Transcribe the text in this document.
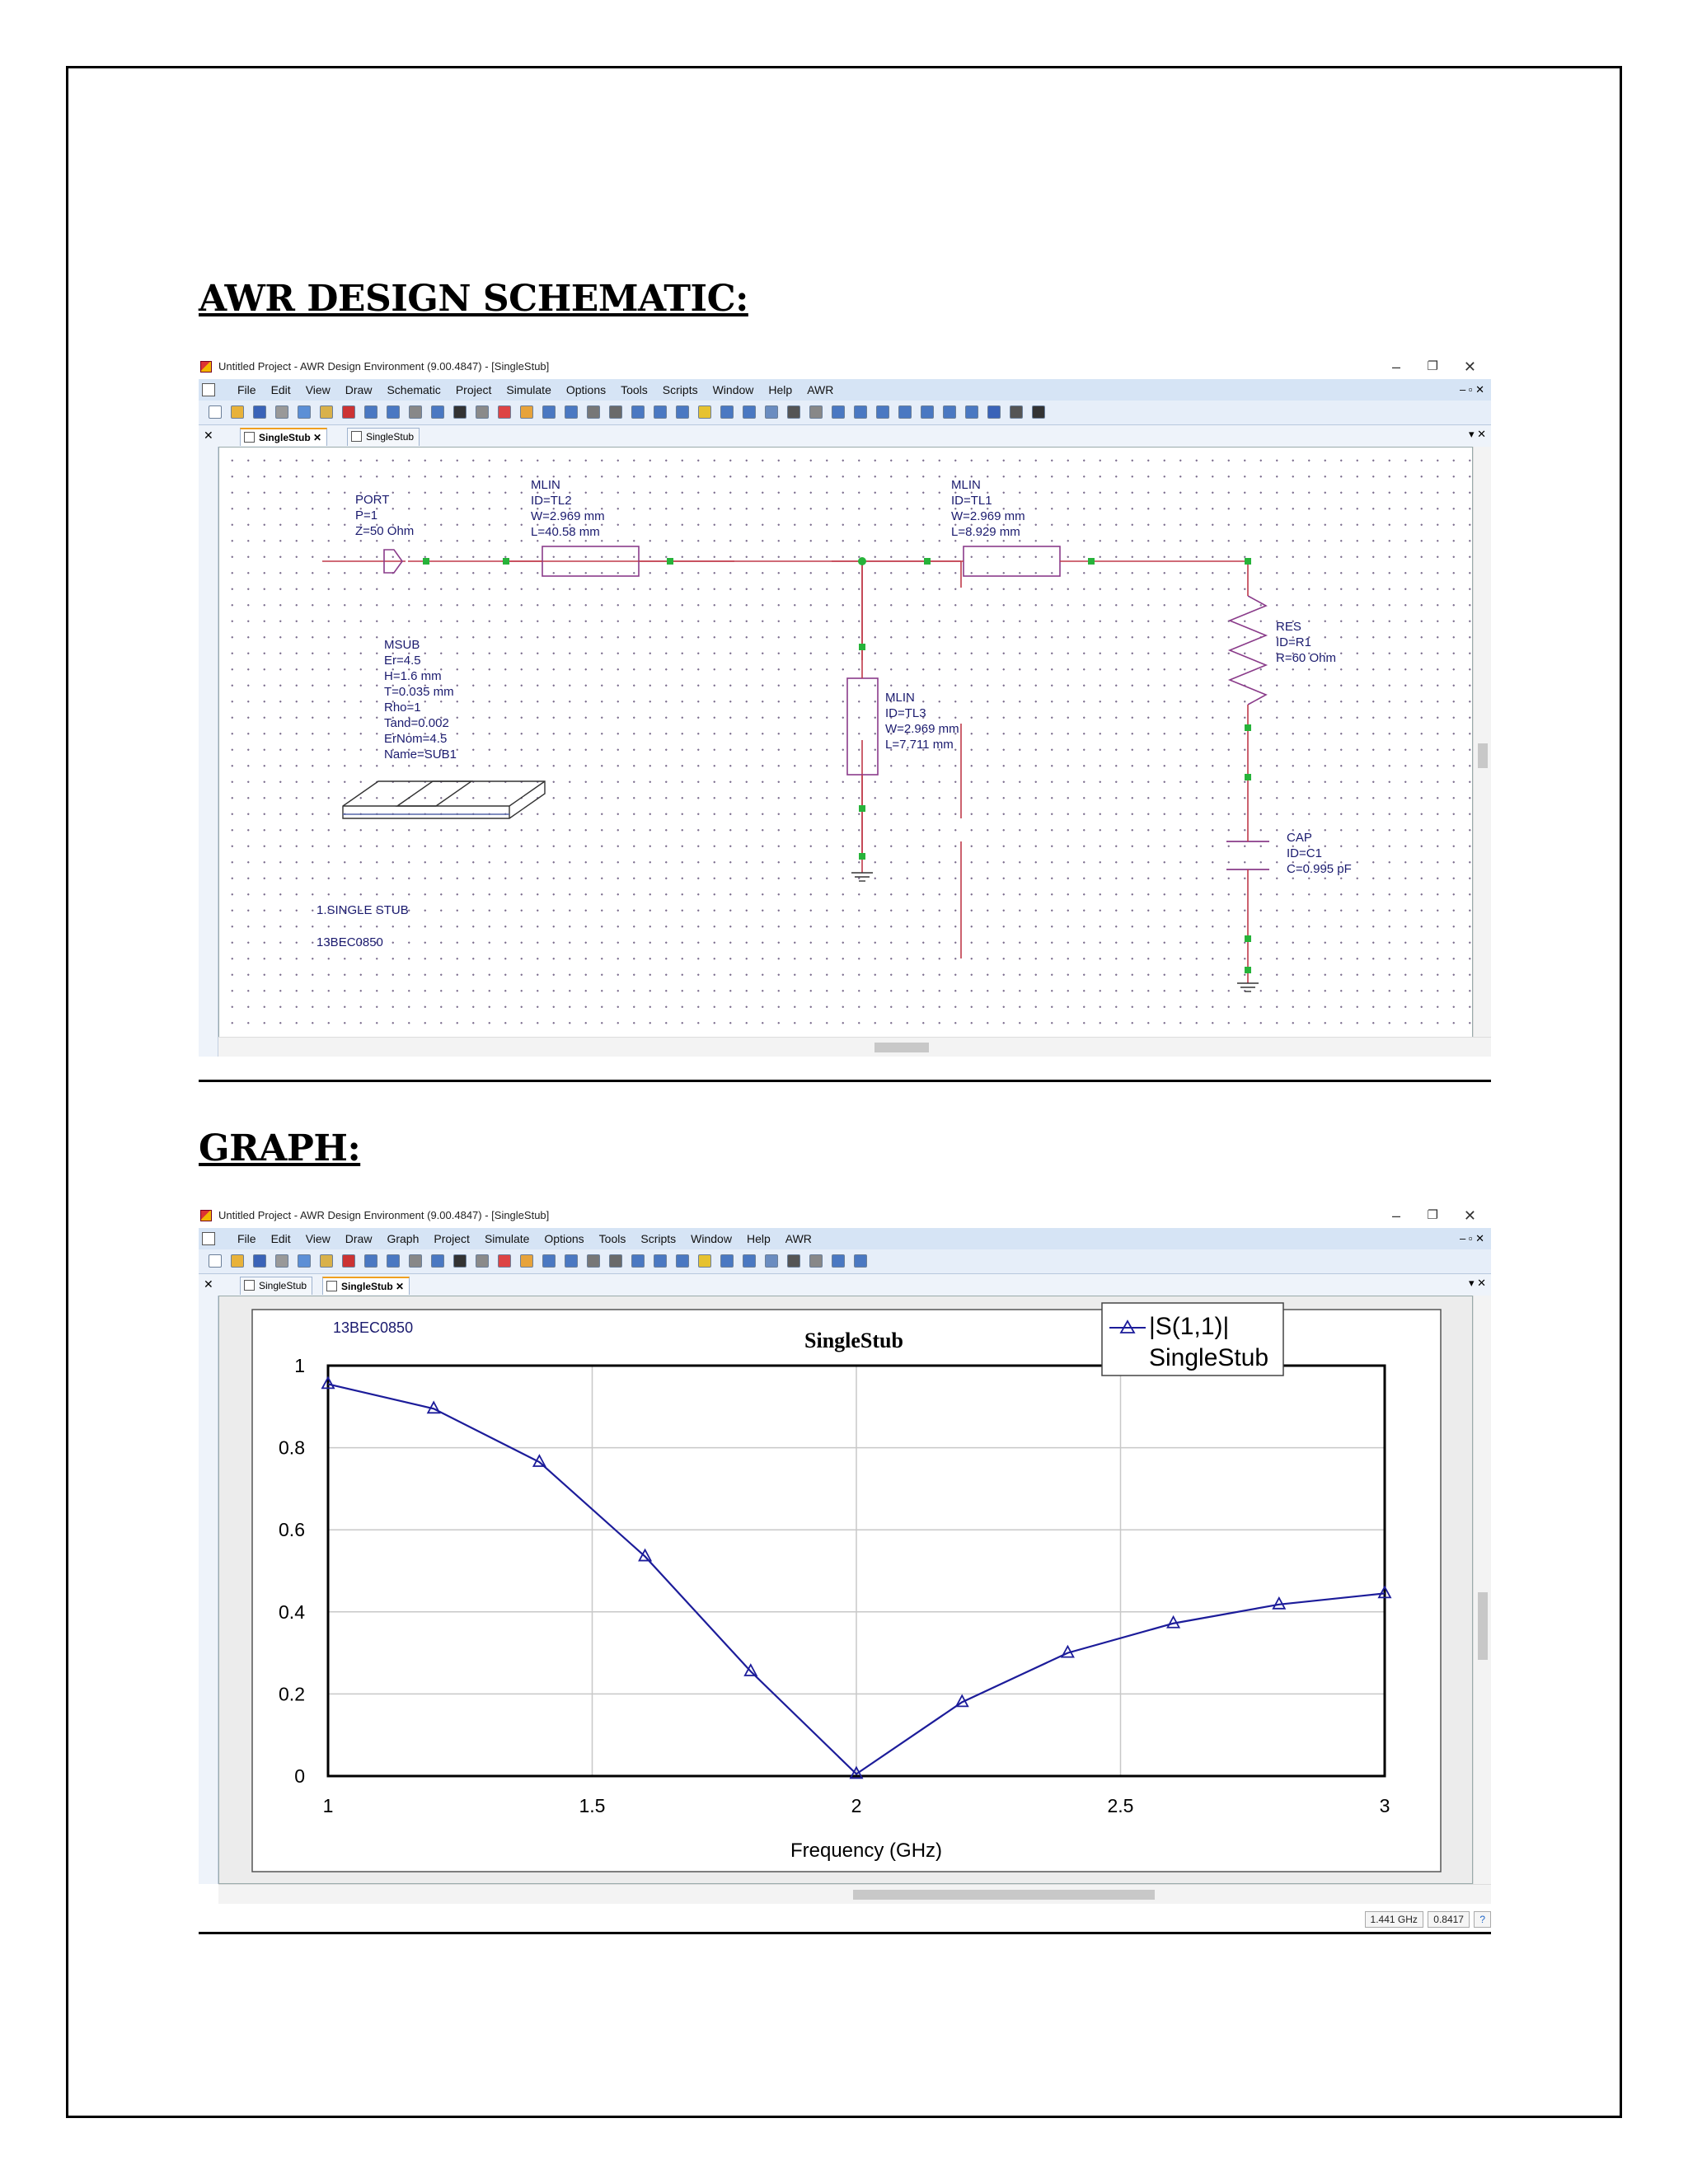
AWR DESIGN SCHEMATIC:
Untitled Project - AWR Design Environment (9.00.4847) - [SingleStub]	– ❐ ✕
File	Edit	View	Draw	Schematic	Project	Simulate	Options	Tools	Scripts	Window	Help	AWR	– ▫ ✕
✕	SingleStub ✕	SingleStub	▾ ✕
PORT P=1 Z=50 Ohm
MLIN ID=TL2 W=2.969 mm L=40.58 mm
MLIN ID=TL1 W=2.969 mm L=8.929 mm
MLIN ID=TL3 W=2.969 mm L=7.711 mm
RES ID=R1 R=60 Ohm
CAP ID=C1 C=0.995 pF
MSUB Er=4.5 H=1.6 mm T=0.035 mm Rho=1 Tand=0.002 ErNom=4.5 Name=SUB1
1.SINGLE STUB
13BEC0850
GRAPH:
Untitled Project - AWR Design Environment (9.00.4847) - [SingleStub]	– ❐ ✕
File	Edit	View	Draw	Graph	Project	Simulate	Options	Tools	Scripts	Window	Help	AWR	– ▫ ✕
✕	SingleStub	SingleStub ✕	▾ ✕
0
0.2
0.4
0.6
0.8
1
1	1.5	2	2.5	3
SingleStub
13BEC0850
Frequency (GHz)
|S(1,1)|
SingleStub
1.441 GHz 0.8417 ?
